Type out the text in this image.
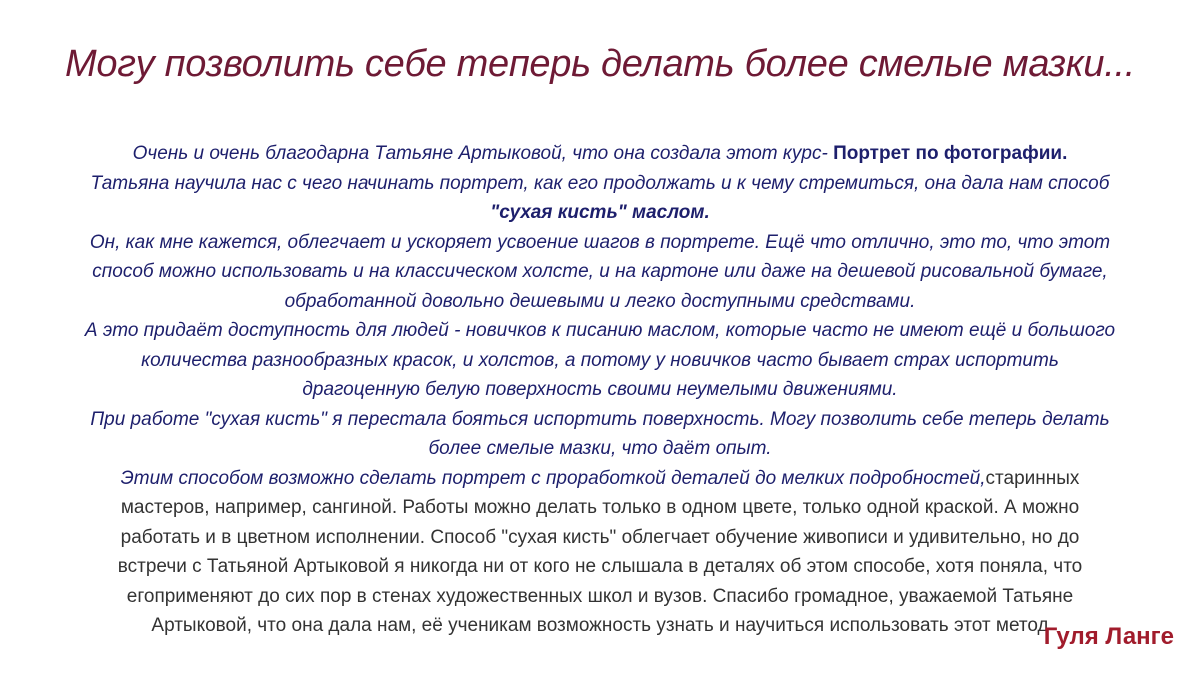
Могу позволить себе теперь делать более смелые мазки...
Очень и очень благодарна Татьяне Артыковой, что она создала этот курс- Портрет по фотографии.
Татьяна научила нас с чего начинать портрет, как его продолжать и к чему стремиться, она дала нам способ
"сухая кисть" маслом.
Он, как мне кажется, облегчает и ускоряет усвоение шагов в портрете. Ещё что отлично, это то, что этот
способ можно использовать и на классическом холсте, и на картоне или даже на дешевой рисовальной бумаге,
обработанной довольно дешевыми и легко доступными средствами.
А это придаёт доступность для людей - новичков к писанию маслом, которые часто не имеют ещё и большого
количества разнообразных красок, и холстов, а потому у новичков часто бывает страх испортить
драгоценную белую поверхность своими неумелыми движениями.
При работе "сухая кисть" я перестала бояться испортить поверхность. Могу позволить себе теперь делать
более смелые мазки, что даёт опыт.
Этим способом возможно сделать портрет с проработкой деталей до мелких подробностей,старинных
мастеров, например, сангиной. Работы можно делать только в одном цвете, только одной краской. А можно
работать и в цветном исполнении. Способ "сухая кисть" облегчает обучение живописи и удивительно, но до
встречи с Татьяной Артыковой я никогда ни от кого не слышала в деталях об этом способе, хотя поняла, что
егоприменяют до сих пор в стенах художественных школ и вузов. Спасибо громадное, уважаемой Татьяне
Артыковой, что она дала нам, её ученикам возможность узнать и научиться использовать этот метод
Гуля Ланге
